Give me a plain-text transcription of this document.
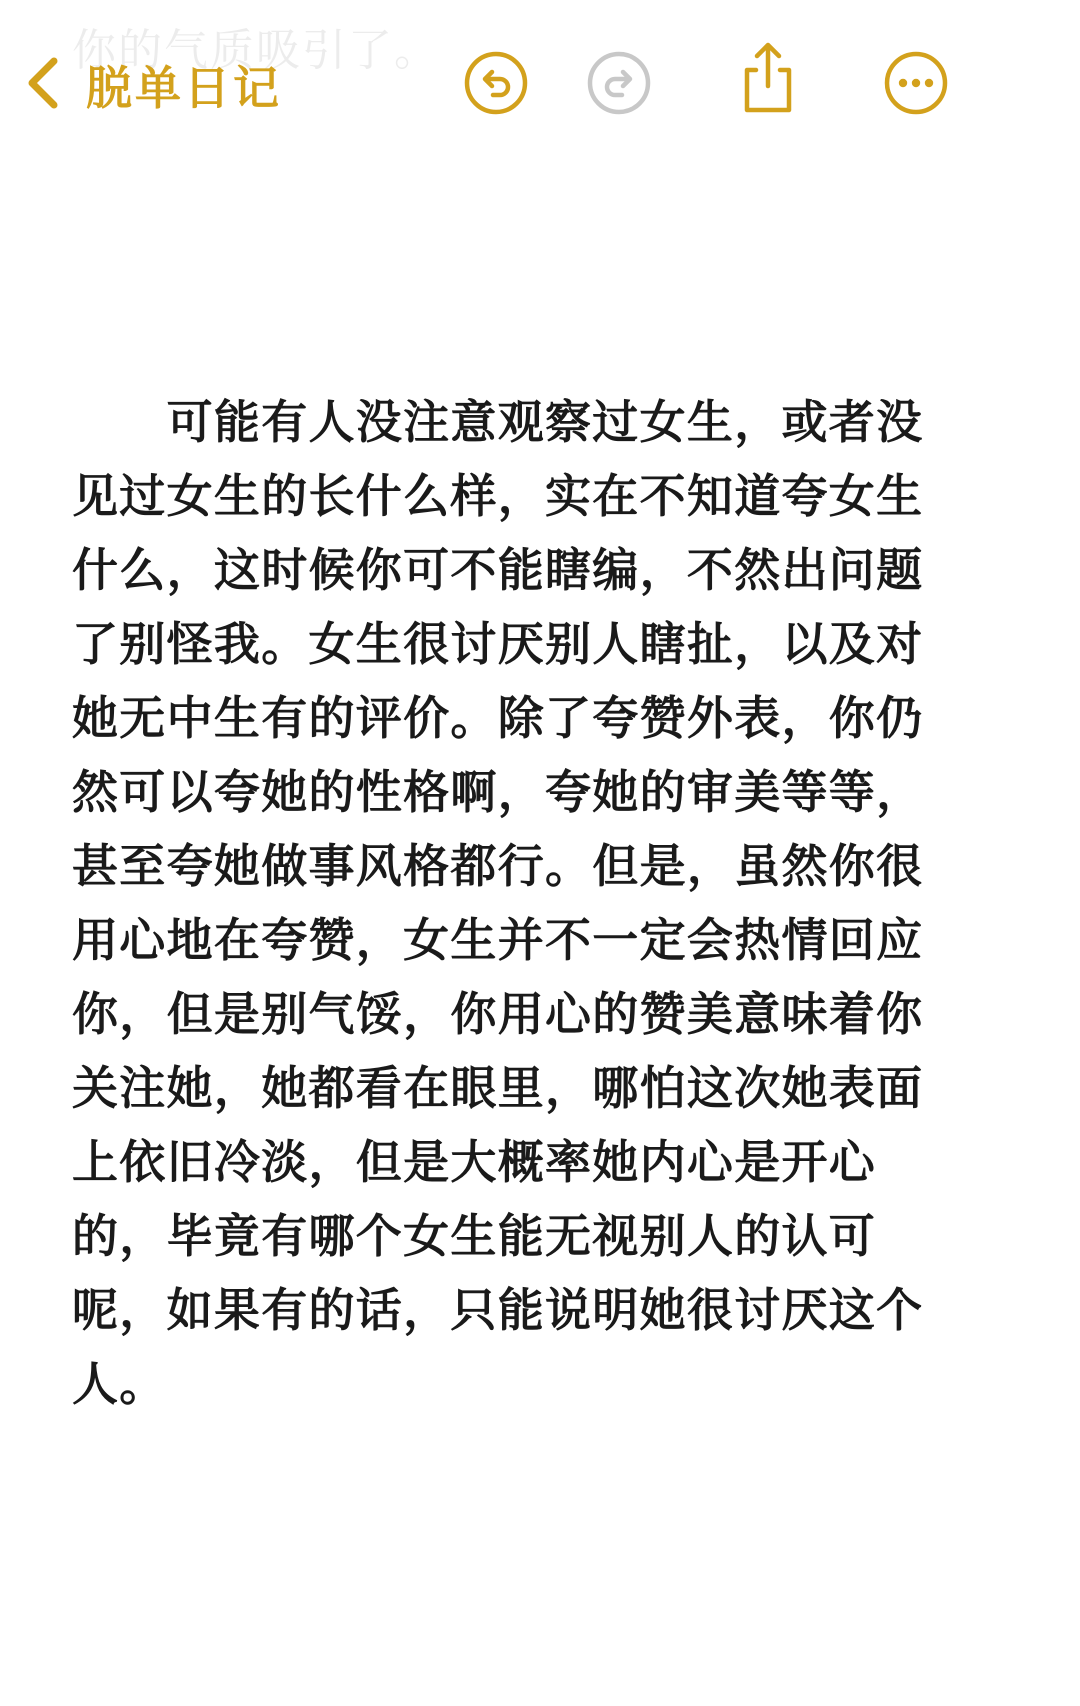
你的气质吸引了。
脱单日记

　　可能有人没注意观察过女生，或者没
见过女生的长什么样，实在不知道夸女生
什么，这时候你可不能瞎编，不然出问题
了别怪我。女生很讨厌别人瞎扯，以及对
她无中生有的评价。除了夸赞外表，你仍
然可以夸她的性格啊，夸她的审美等等，
甚至夸她做事风格都行。但是，虽然你很
用心地在夸赞，女生并不一定会热情回应
你，但是别气馁，你用心的赞美意味着你
关注她，她都看在眼里，哪怕这次她表面
上依旧冷淡，但是大概率她内心是开心
的，毕竟有哪个女生能无视别人的认可
呢，如果有的话，只能说明她很讨厌这个
人。
